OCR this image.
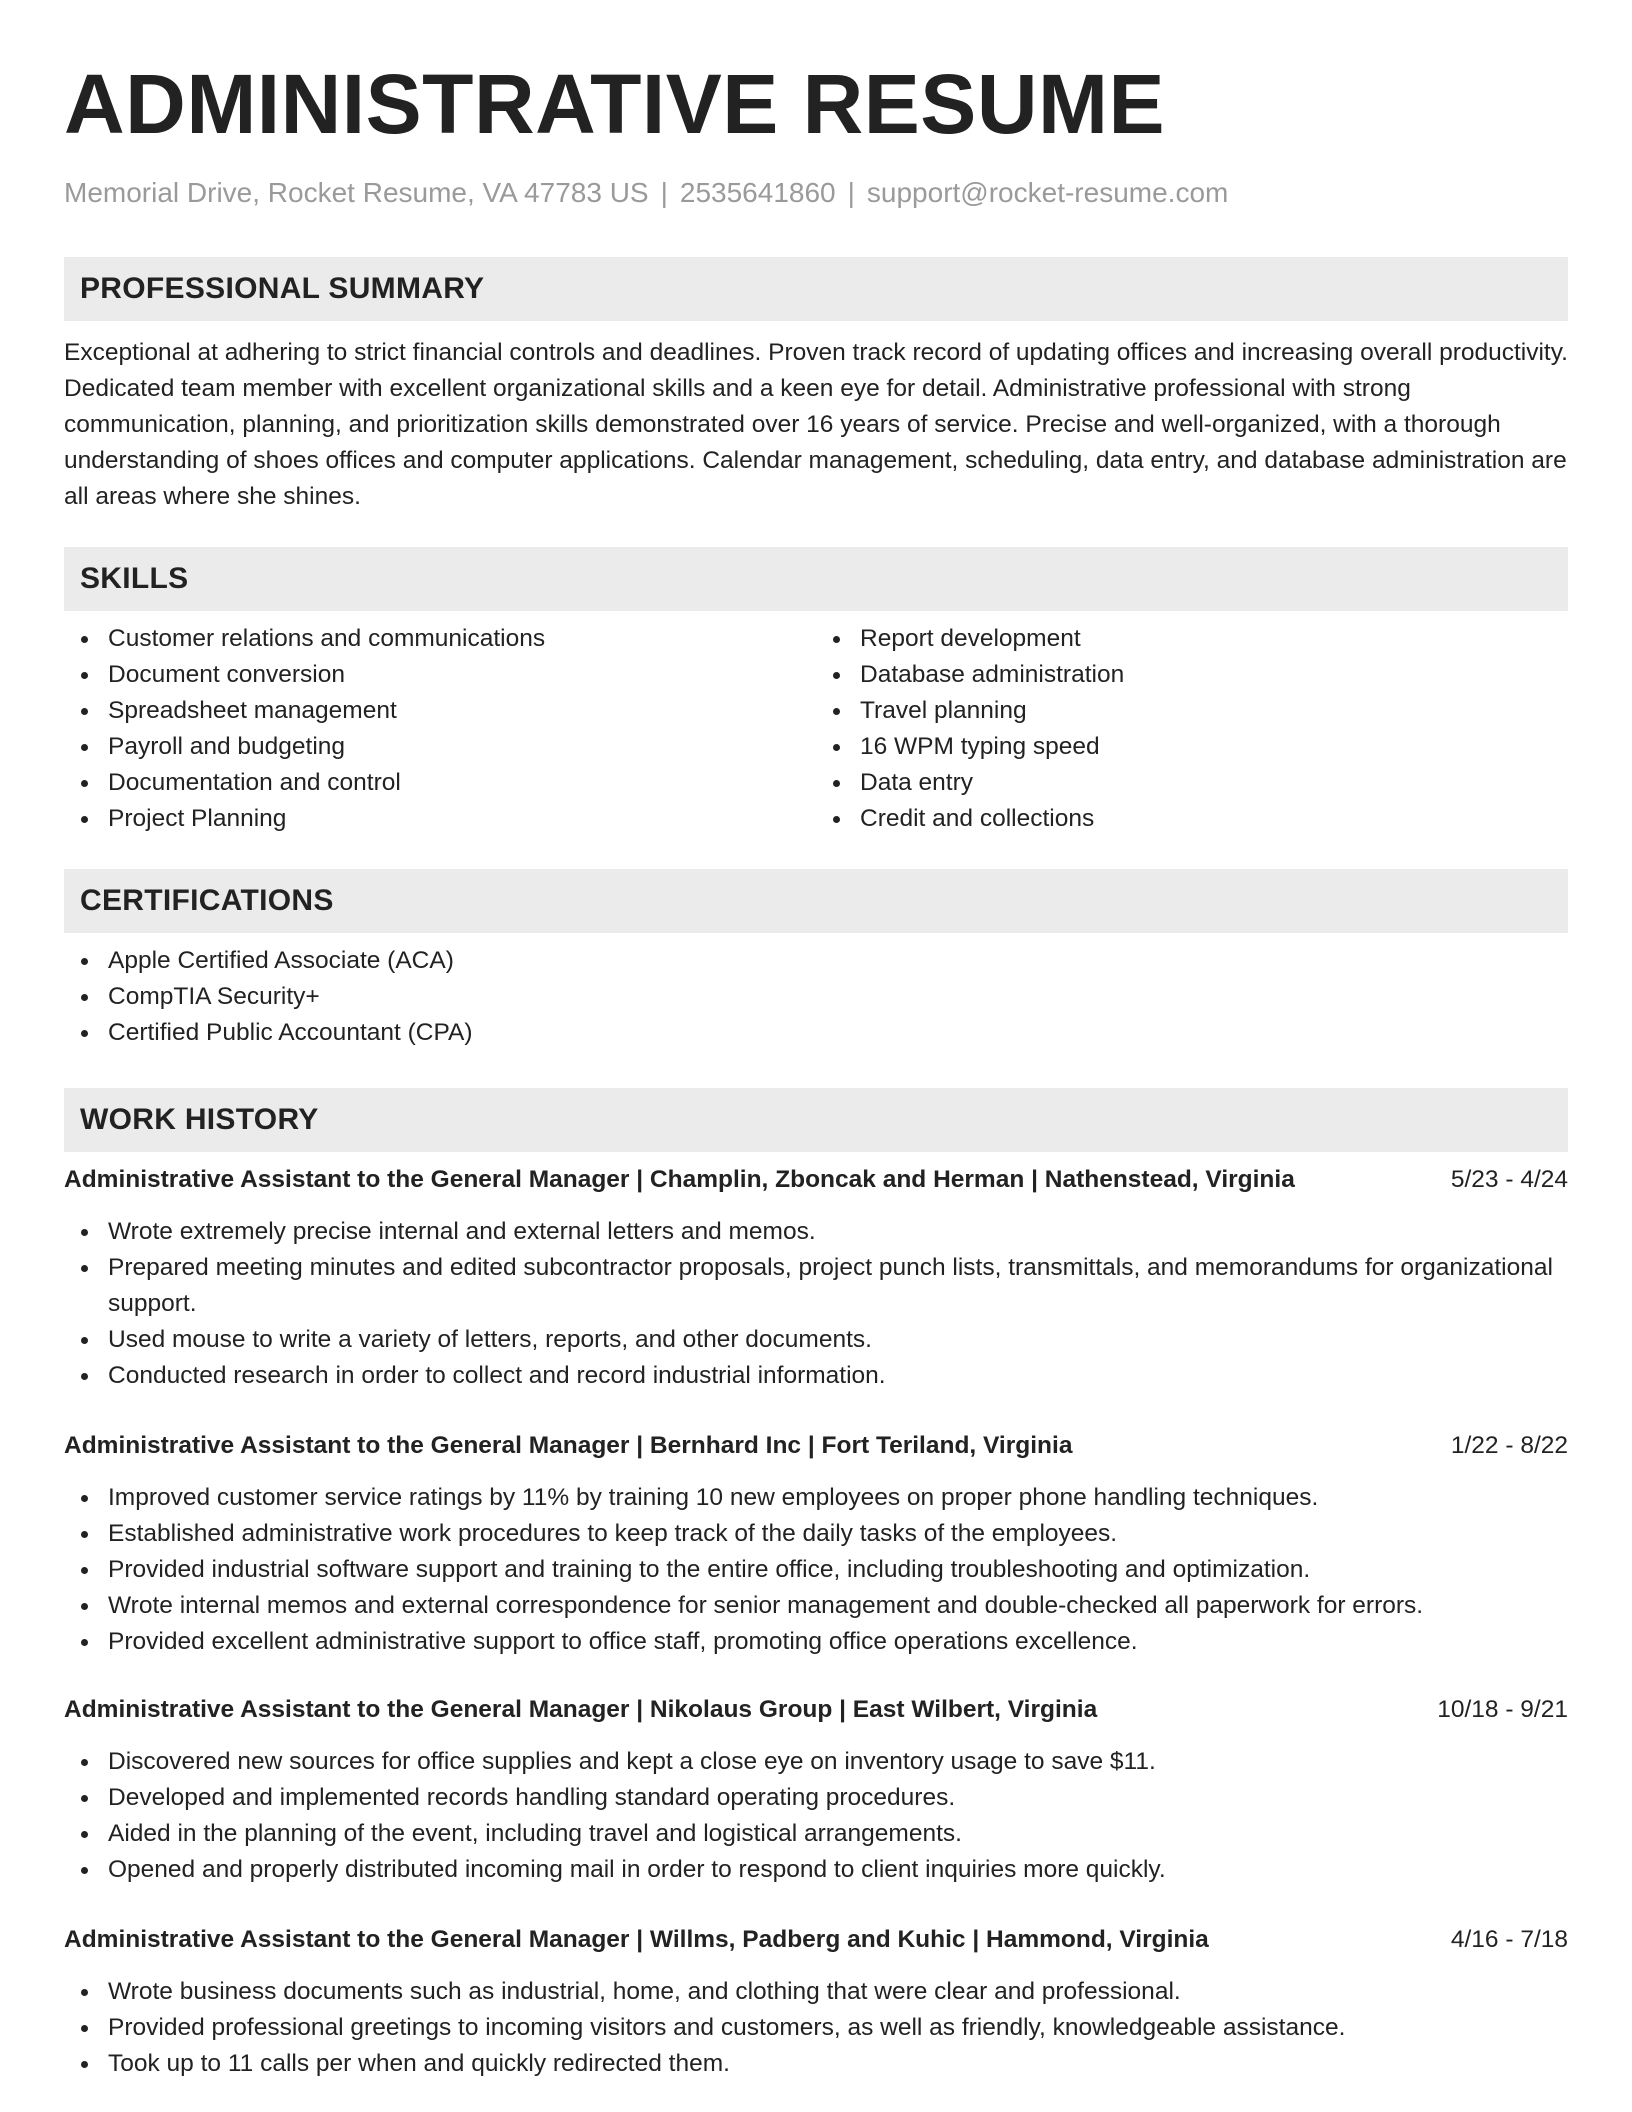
ADMINISTRATIVE RESUME
Memorial Drive, Rocket Resume, VA 47783 US | 2535641860 | support@rocket-resume.com
PROFESSIONAL SUMMARY

Exceptional at adhering to strict financial controls and deadlines. Proven track record of updating offices and increasing overall productivity. Dedicated team member with excellent organizational skills and a keen eye for detail. Administrative professional with strong communication, planning, and prioritization skills demonstrated over 16 years of service. Precise and well-organized, with a thorough understanding of shoes offices and computer applications. Calendar management, scheduling, data entry, and database administration are all areas where she shines.

SKILLS
Customer relations and communications
Document conversion
Spreadsheet management
Payroll and budgeting
Documentation and control
Project Planning
Report development
Database administration
Travel planning
16 WPM typing speed
Data entry
Credit and collections
CERTIFICATIONS
Apple Certified Associate (ACA)
CompTIA Security+
Certified Public Accountant (CPA)
WORK HISTORY
Administrative Assistant to the General Manager | Champlin, Zboncak and Herman | Nathenstead, Virginia	5/23 - 4/24
Wrote extremely precise internal and external letters and memos.
Prepared meeting minutes and edited subcontractor proposals, project punch lists, transmittals, and memorandums for organizational support.
Used mouse to write a variety of letters, reports, and other documents.
Conducted research in order to collect and record industrial information.
Administrative Assistant to the General Manager | Bernhard Inc | Fort Teriland, Virginia	1/22 - 8/22
Improved customer service ratings by 11% by training 10 new employees on proper phone handling techniques.
Established administrative work procedures to keep track of the daily tasks of the employees.
Provided industrial software support and training to the entire office, including troubleshooting and optimization.
Wrote internal memos and external correspondence for senior management and double-checked all paperwork for errors.
Provided excellent administrative support to office staff, promoting office operations excellence.
Administrative Assistant to the General Manager | Nikolaus Group | East Wilbert, Virginia	10/18 - 9/21
Discovered new sources for office supplies and kept a close eye on inventory usage to save $11.
Developed and implemented records handling standard operating procedures.
Aided in the planning of the event, including travel and logistical arrangements.
Opened and properly distributed incoming mail in order to respond to client inquiries more quickly.
Administrative Assistant to the General Manager | Willms, Padberg and Kuhic | Hammond, Virginia	4/16 - 7/18
Wrote business documents such as industrial, home, and clothing that were clear and professional.
Provided professional greetings to incoming visitors and customers, as well as friendly, knowledgeable assistance.
Took up to 11 calls per when and quickly redirected them.
